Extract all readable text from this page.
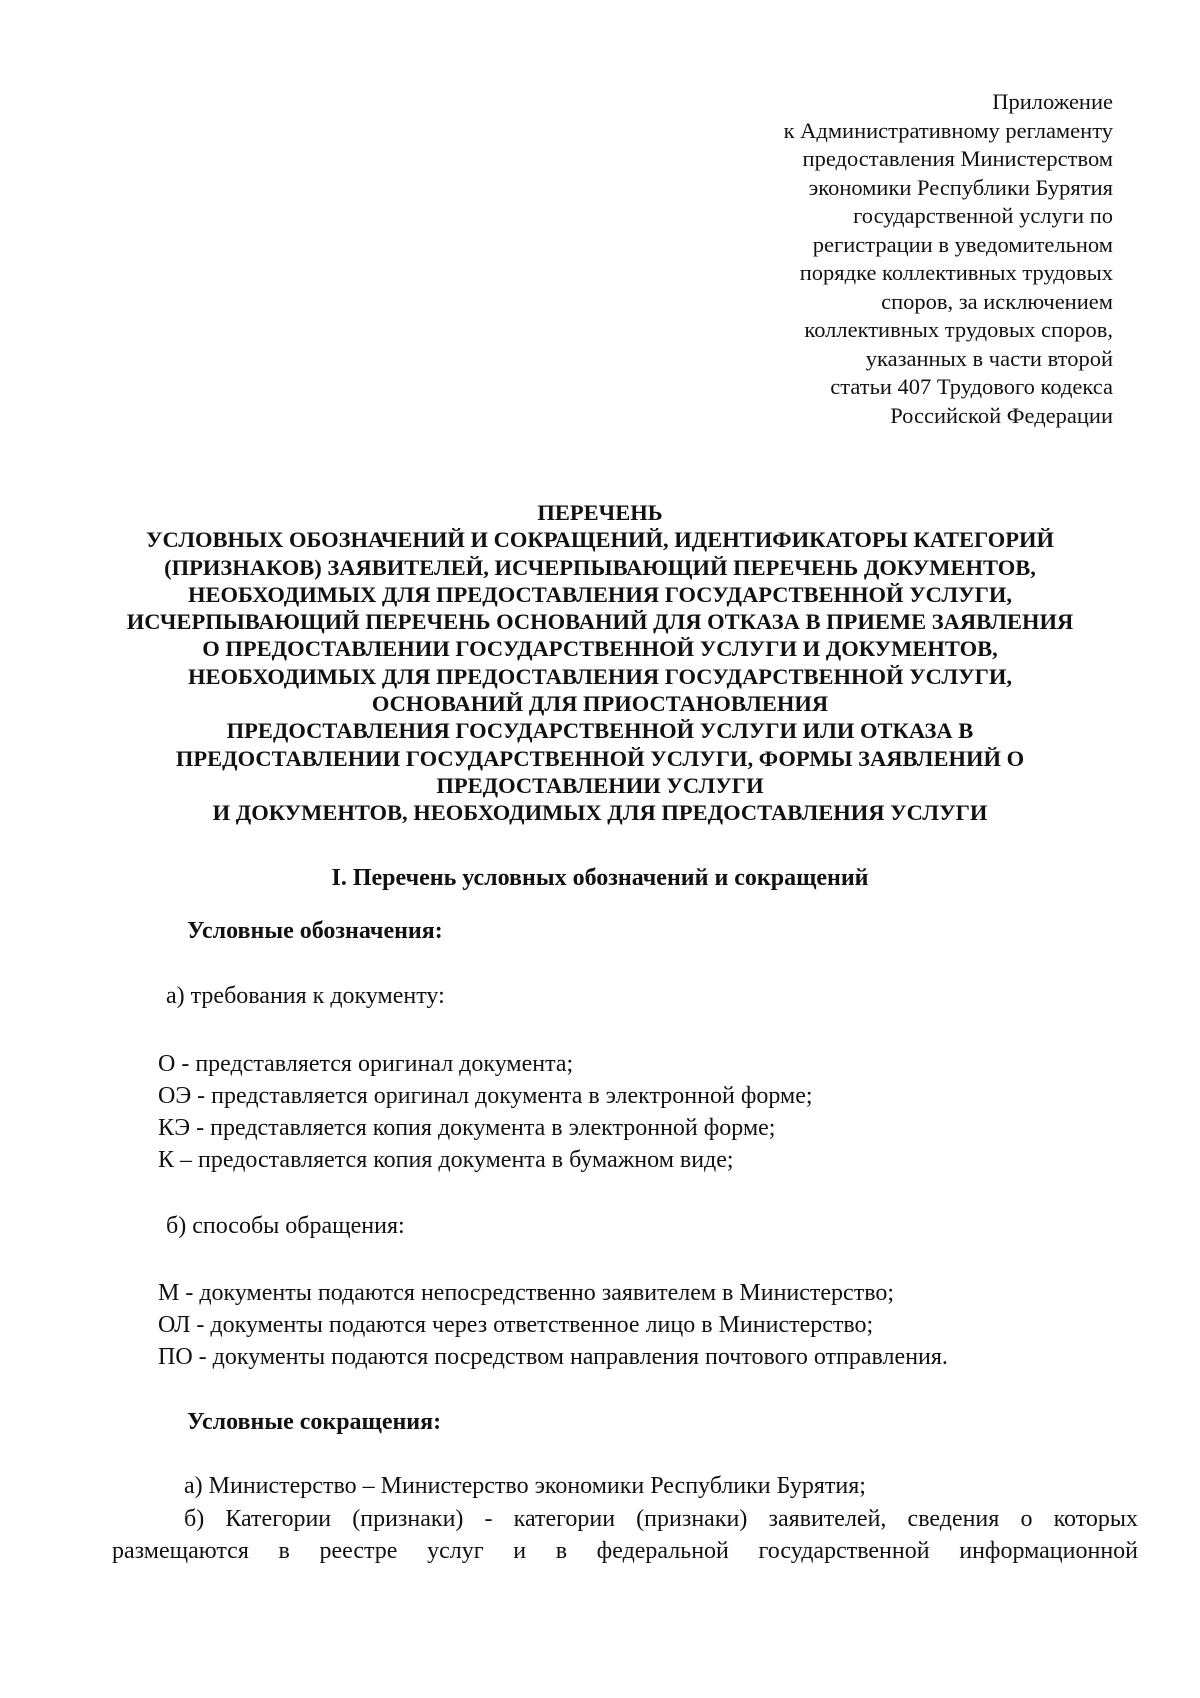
Приложение
к Административному регламенту
предоставления Министерством
экономики Республики Бурятия
государственной услуги по
регистрации в уведомительном
порядке коллективных трудовых
споров, за исключением
коллективных трудовых споров,
указанных в части второй
статьи 407 Трудового кодекса
Российской Федерации
ПЕРЕЧЕНЬ
УСЛОВНЫХ ОБОЗНАЧЕНИЙ И СОКРАЩЕНИЙ, ИДЕНТИФИКАТОРЫ КАТЕГОРИЙ
(ПРИЗНАКОВ) ЗАЯВИТЕЛЕЙ, ИСЧЕРПЫВАЮЩИЙ ПЕРЕЧЕНЬ ДОКУМЕНТОВ,
НЕОБХОДИМЫХ ДЛЯ ПРЕДОСТАВЛЕНИЯ ГОСУДАРСТВЕННОЙ УСЛУГИ,
ИСЧЕРПЫВАЮЩИЙ ПЕРЕЧЕНЬ ОСНОВАНИЙ ДЛЯ ОТКАЗА В ПРИЕМЕ ЗАЯВЛЕНИЯ
О ПРЕДОСТАВЛЕНИИ ГОСУДАРСТВЕННОЙ УСЛУГИ И ДОКУМЕНТОВ,
НЕОБХОДИМЫХ ДЛЯ ПРЕДОСТАВЛЕНИЯ ГОСУДАРСТВЕННОЙ УСЛУГИ,
ОСНОВАНИЙ ДЛЯ ПРИОСТАНОВЛЕНИЯ
ПРЕДОСТАВЛЕНИЯ ГОСУДАРСТВЕННОЙ УСЛУГИ ИЛИ ОТКАЗА В
ПРЕДОСТАВЛЕНИИ ГОСУДАРСТВЕННОЙ УСЛУГИ, ФОРМЫ ЗАЯВЛЕНИЙ О
ПРЕДОСТАВЛЕНИИ УСЛУГИ
И ДОКУМЕНТОВ, НЕОБХОДИМЫХ ДЛЯ ПРЕДОСТАВЛЕНИЯ УСЛУГИ
I. Перечень условных обозначений и сокращений
Условные обозначения:
а) требования к документу:
О - представляется оригинал документа;
ОЭ - представляется оригинал документа в электронной форме;
КЭ - представляется копия документа в электронной форме;
К – предоставляется копия документа в бумажном виде;
б) способы обращения:
М - документы подаются непосредственно заявителем в Министерство;
ОЛ - документы подаются через ответственное лицо в Министерство;
ПО - документы подаются посредством направления почтового отправления.
Условные сокращения:
а) Министерство – Министерство экономики Республики Бурятия;
б) Категории (признаки) - категории (признаки) заявителей, сведения о которых
размещаются в реестре услуг и в федеральной государственной информационной
